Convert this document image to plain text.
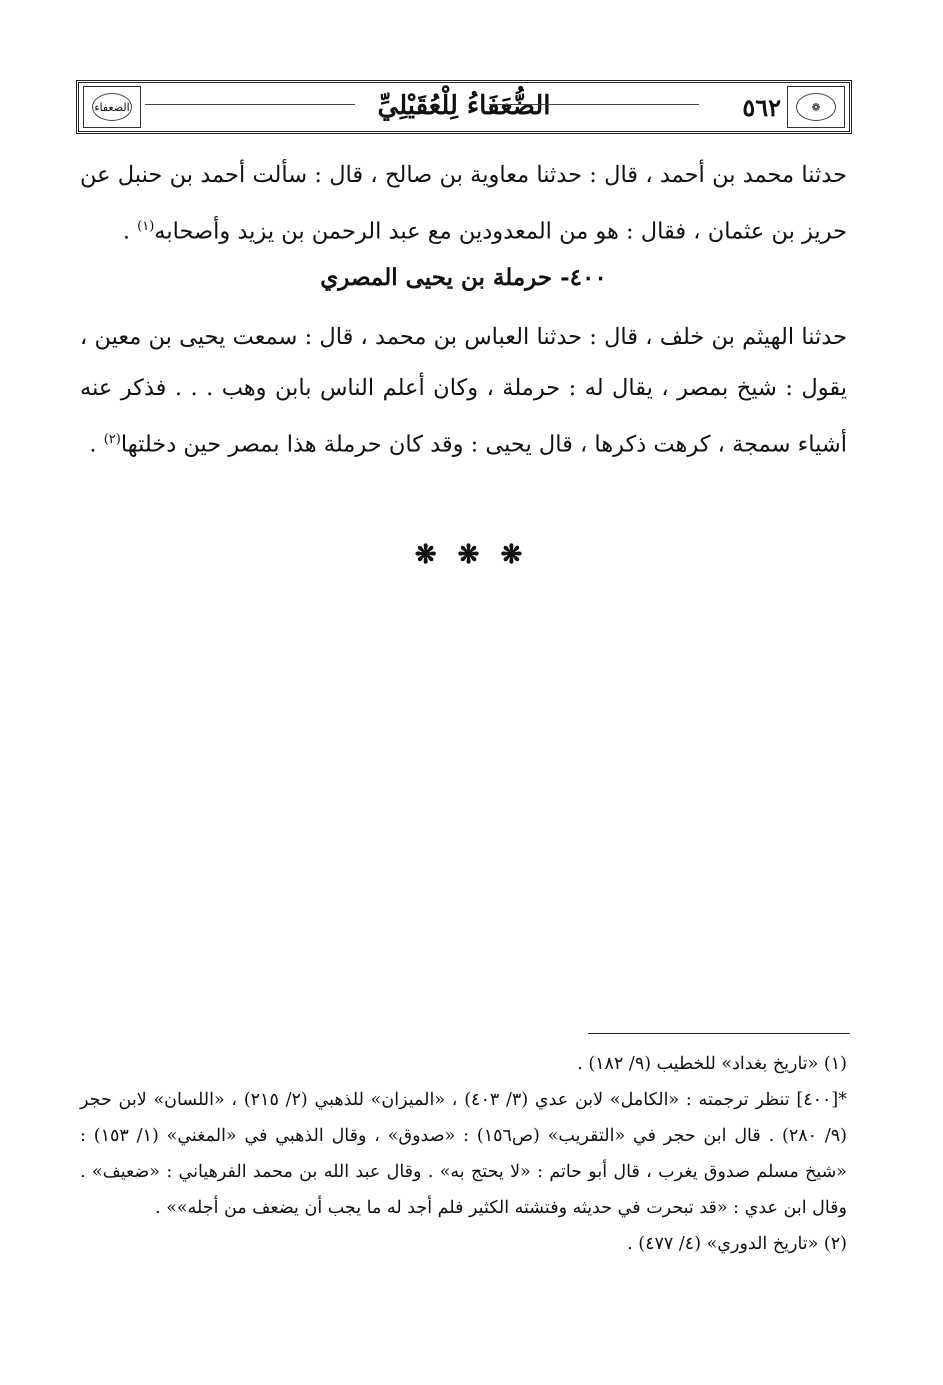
الضعفاء	الضُّعَفَاءُ لِلْعُقَيْلِيِّ	٥٦٢	❁

حدثنا محمد بن أحمد ، قال : حدثنا معاوية بن صالح ، قال : سألت أحمد بن حنبل عن حريز بن عثمان ، فقال : هو من المعدودين مع عبد الرحمن بن يزيد وأصحابه$^{(١)}$ .

٤٠٠- حرملة بن يحيى المصري

حدثنا الهيثم بن خلف ، قال : حدثنا العباس بن محمد ، قال : سمعت يحيى بن معين ، يقول : شيخ بمصر ، يقال له : حرملة ، وكان أعلم الناس بابن وهب . . . فذكر عنه أشياء سمجة ، كرهت ذكرها ، قال يحيى : وقد كان حرملة هذا بمصر حين دخلتها$^{(٢)}$ .

❋ ❋ ❋

(١) «تاريخ بغداد» للخطيب (٩/ ١٨٢) .

*[٤٠٠] تنظر ترجمته : «الكامل» لابن عدي (٣/ ٤٠٣) ، «الميزان» للذهبي (٢/ ٢١٥) ، «اللسان» لابن حجر (٩/ ٢٨٠) . قال ابن حجر في «التقريب» (ص١٥٦) : «صدوق» ، وقال الذهبي في «المغني» (١/ ١٥٣) : «شيخ مسلم صدوق يغرب ، قال أبو حاتم : «لا يحتج به» . وقال عبد الله بن محمد الفرهياني : «ضعيف» . وقال ابن عدي : «قد تبحرت في حديثه وفتشته الكثير فلم أجد له ما يجب أن يضعف من أجله»» .

(٢) «تاريخ الدوري» (٤/ ٤٧٧) .
